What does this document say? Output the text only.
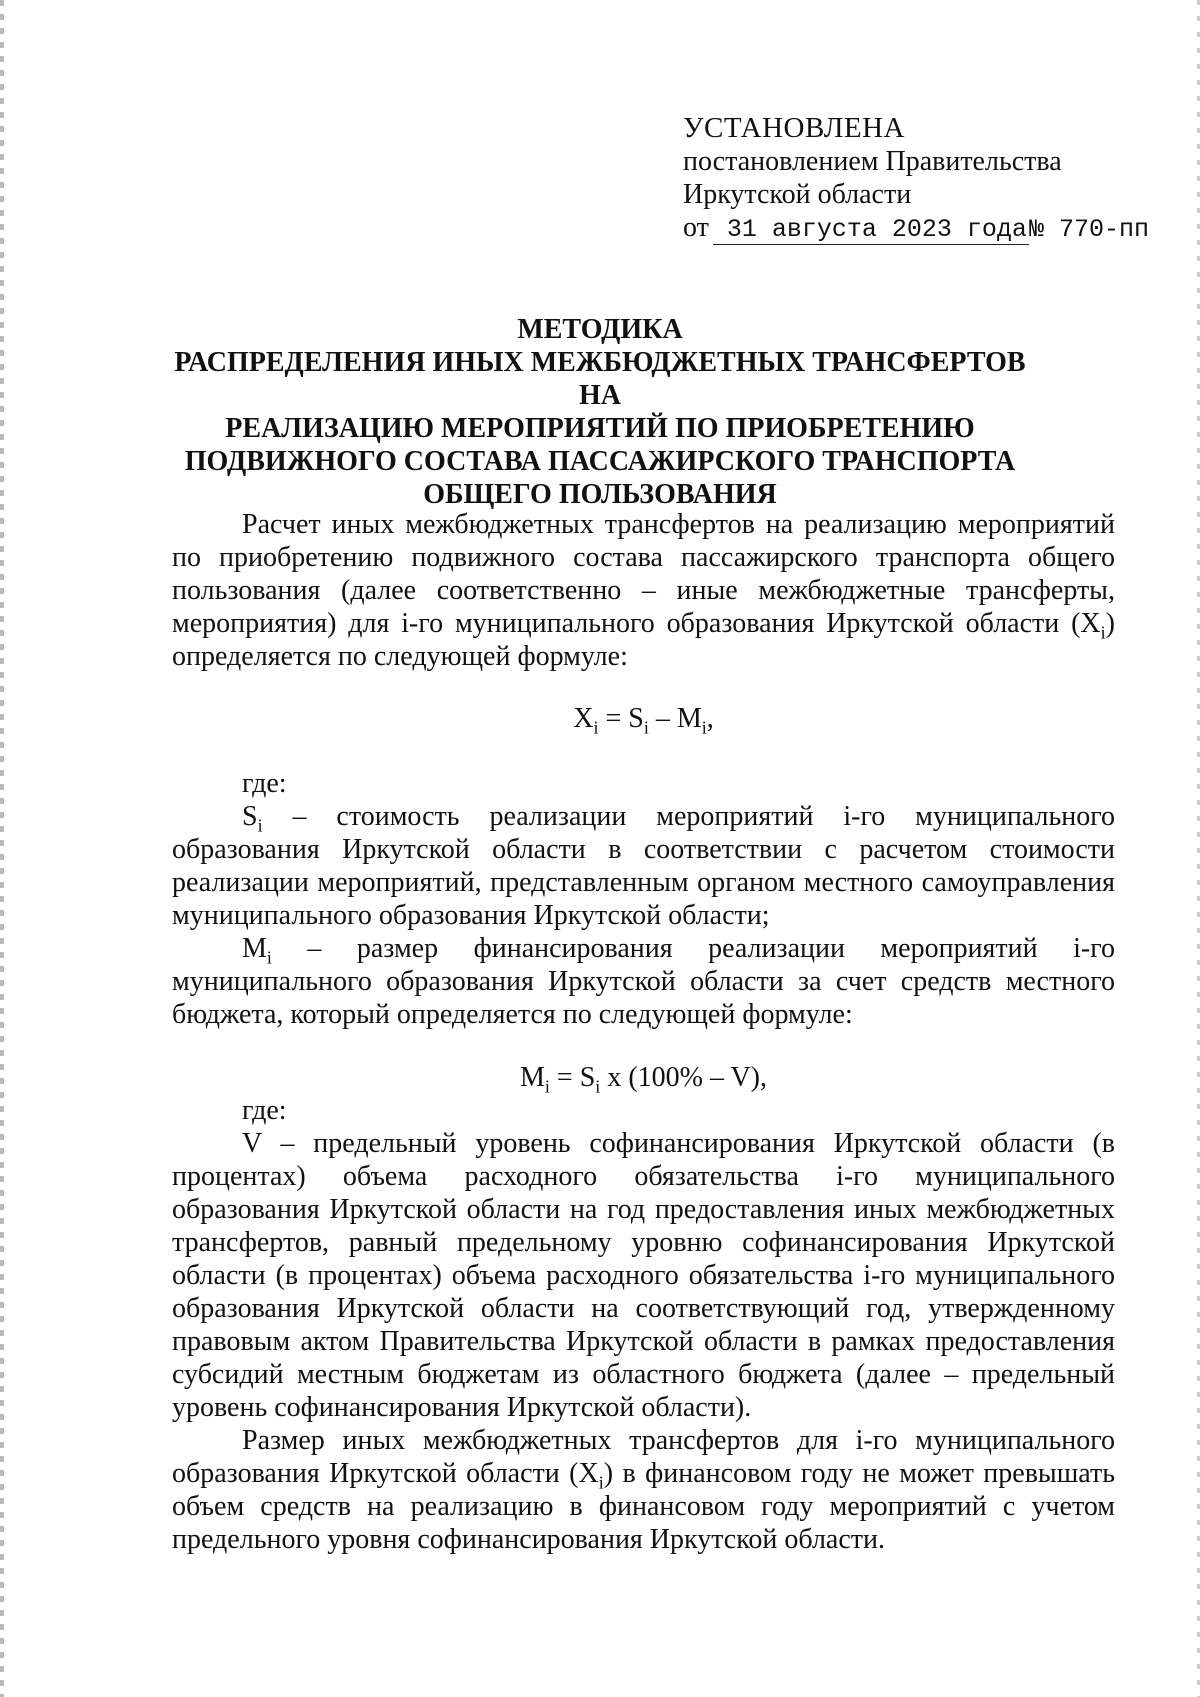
УСТАНОВЛЕНА
постановлением Правительства
Иркутской области
от 31 августа 2023 года№ 770-пп
МЕТОДИКА
РАСПРЕДЕЛЕНИЯ ИНЫХ МЕЖБЮДЖЕТНЫХ ТРАНСФЕРТОВ НА
РЕАЛИЗАЦИЮ МЕРОПРИЯТИЙ ПО ПРИОБРЕТЕНИЮ
ПОДВИЖНОГО СОСТАВА ПАССАЖИРСКОГО ТРАНСПОРТА
ОБЩЕГО ПОЛЬЗОВАНИЯ

Расчет иных межбюджетных трансфертов на реализацию мероприятий по приобретению подвижного состава пассажирского транспорта общего пользования (далее соответственно – иные межбюджетные трансферты, мероприятия) для i-го муниципального образования Иркутской области $(X_i)$ определяется по следующей формуле:

$X_i = S_i - M_i$,
где:

$S_i$ – стоимость реализации мероприятий i-го муниципального образования Иркутской области в соответствии с расчетом стоимости реализации мероприятий, представленным органом местного самоуправления муниципального образования Иркутской области;

$M_i$ – размер финансирования реализации мероприятий i-го муниципального образования Иркутской области за счет средств местного бюджета, который определяется по следующей формуле:

$M_i = S_i$ x (100% – V),
где:

V – предельный уровень софинансирования Иркутской области (в процентах) объема расходного обязательства i-го муниципального образования Иркутской области на год предоставления иных межбюджетных трансфертов, равный предельному уровню софинансирования Иркутской области (в процентах) объема расходного обязательства i-го муниципального образования Иркутской области на соответствующий год, утвержденному правовым актом Правительства Иркутской области в рамках предоставления субсидий местным бюджетам из областного бюджета (далее – предельный уровень софинансирования Иркутской области).

Размер иных межбюджетных трансфертов для i-го муниципального образования Иркутской области $(X_i)$ в финансовом году не может превышать объем средств на реализацию в финансовом году мероприятий с учетом предельного уровня софинансирования Иркутской области.
